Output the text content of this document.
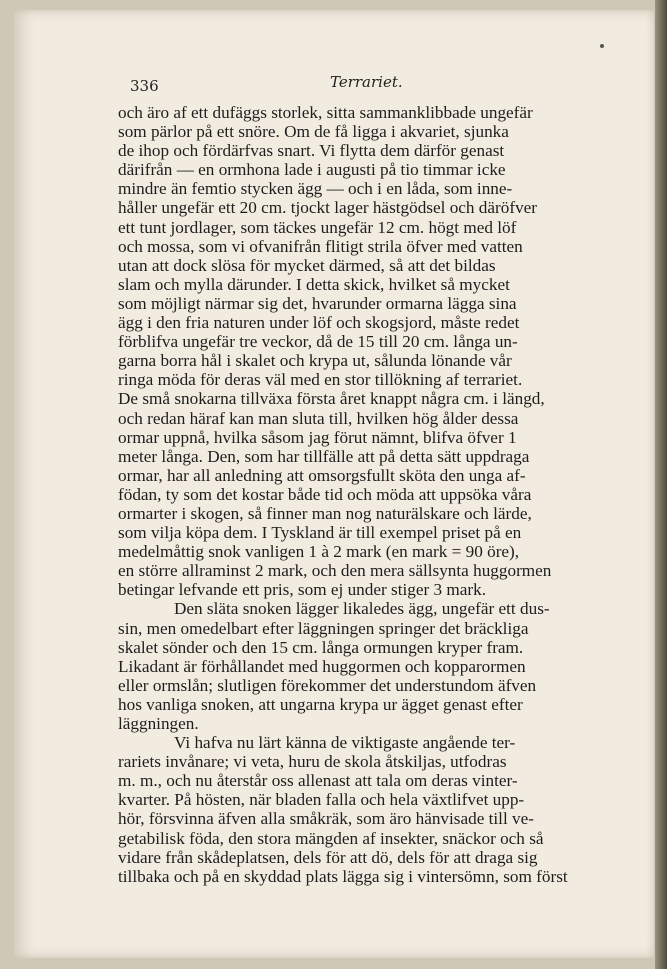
336	Terrariet.
och äro af ett dufäggs storlek, sitta sammanklibbade ungefär
som pärlor på ett snöre. Om de få ligga i akvariet, sjunka
de ihop och fördärfvas snart. Vi flytta dem därför genast
därifrån — en ormhona lade i augusti på tio timmar icke
mindre än femtio stycken ägg — och i en låda, som inne-
håller ungefär ett 20 cm. tjockt lager hästgödsel och däröfver
ett tunt jordlager, som täckes ungefär 12 cm. högt med löf
och mossa, som vi ofvanifrån flitigt strila öfver med vatten
utan att dock slösa för mycket därmed, så att det bildas
slam och mylla därunder. I detta skick, hvilket så mycket
som möjligt närmar sig det, hvarunder ormarna lägga sina
ägg i den fria naturen under löf och skogsjord, måste redet
förblifva ungefär tre veckor, då de 15 till 20 cm. långa un-
garna borra hål i skalet och krypa ut, sålunda lönande vår
ringa möda för deras väl med en stor tillökning af terrariet.
De små snokarna tillväxa första året knappt några cm. i längd,
och redan häraf kan man sluta till, hvilken hög ålder dessa
ormar uppnå, hvilka såsom jag förut nämnt, blifva öfver 1
meter långa. Den, som har tillfälle att på detta sätt uppdraga
ormar, har all anledning att omsorgsfullt sköta den unga af-
födan, ty som det kostar både tid och möda att uppsöka våra
ormarter i skogen, så finner man nog naturälskare och lärde,
som vilja köpa dem. I Tyskland är till exempel priset på en
medelmåttig snok vanligen 1 à 2 mark (en mark = 90 öre),
en större allraminst 2 mark, och den mera sällsynta huggormen
betingar lefvande ett pris, som ej under stiger 3 mark.
Den släta snoken lägger likaledes ägg, ungefär ett dus-
sin, men omedelbart efter läggningen springer det bräckliga
skalet sönder och den 15 cm. långa ormungen kryper fram.
Likadant är förhållandet med huggormen och kopparormen
eller ormslån; slutligen förekommer det understundom äfven
hos vanliga snoken, att ungarna krypa ur ägget genast efter
läggningen.
Vi hafva nu lärt känna de viktigaste angående ter-
rariets invånare; vi veta, huru de skola åtskiljas, utfodras
m. m., och nu återstår oss allenast att tala om deras vinter-
kvarter. På hösten, när bladen falla och hela växtlifvet upp-
hör, försvinna äfven alla småkräk, som äro hänvisade till ve-
getabilisk föda, den stora mängden af insekter, snäckor och så
vidare från skådeplatsen, dels för att dö, dels för att draga sig
tillbaka och på en skyddad plats lägga sig i vintersömn, som först
